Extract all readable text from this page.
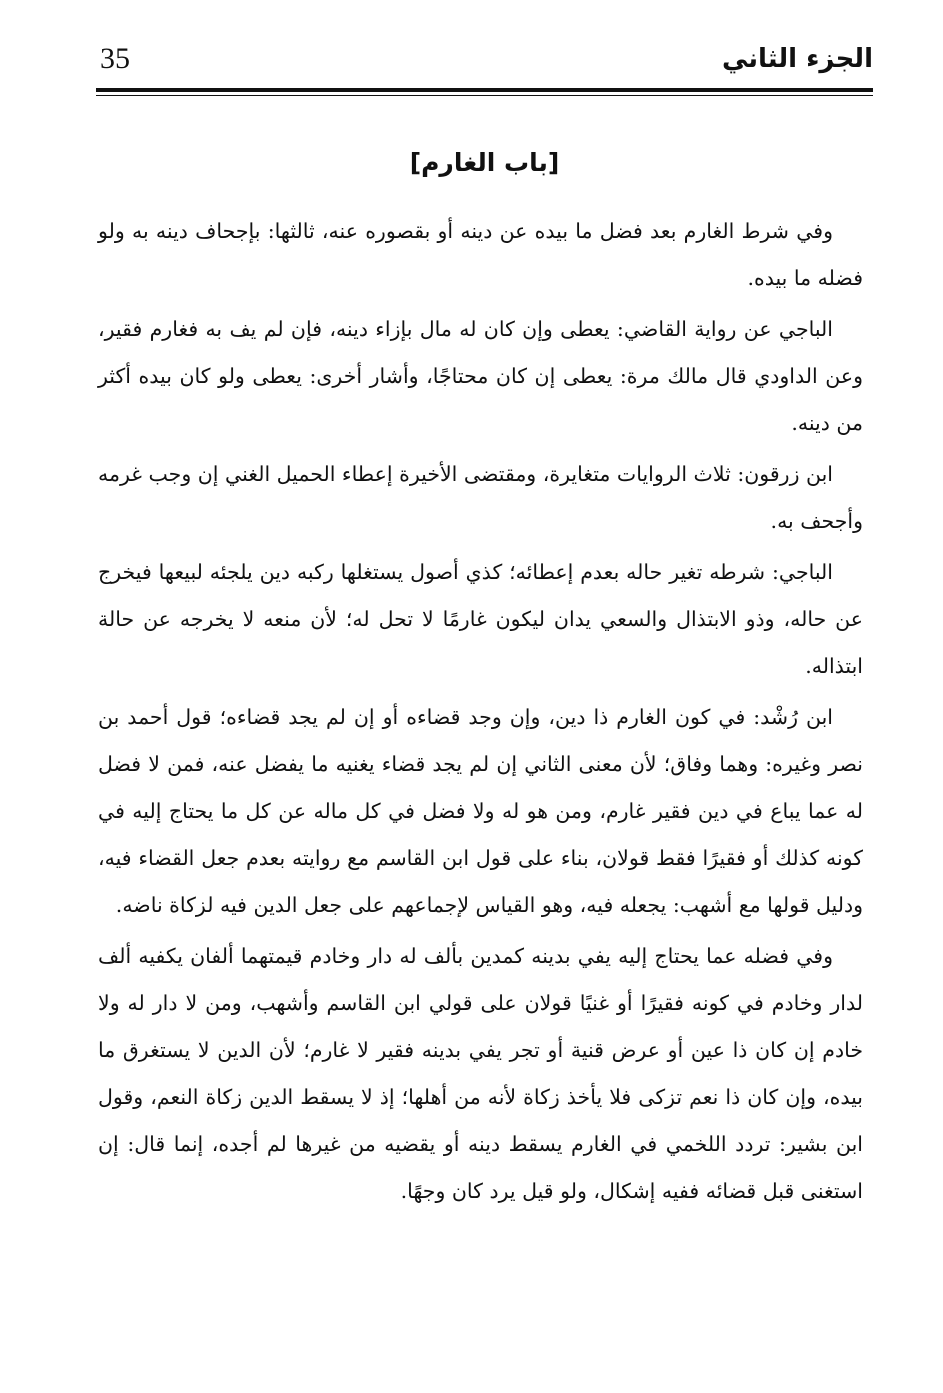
35	الجزء الثاني
[باب الغارم]

وفي شرط الغارم بعد فضل ما بيده عن دينه أو بقصوره عنه، ثالثها: بإجحاف دينه به ولو فضله ما بيده.

الباجي عن رواية القاضي: يعطى وإن كان له مال بإزاء دينه، فإن لم يف به فغارم فقير، وعن الداودي قال مالك مرة: يعطى إن كان محتاجًا، وأشار أخرى: يعطى ولو كان بيده أكثر من دينه.

ابن زرقون: ثلاث الروايات متغايرة، ومقتضى الأخيرة إعطاء الحميل الغني إن وجب غرمه وأجحف به.

الباجي: شرطه تغير حاله بعدم إعطائه؛ كذي أصول يستغلها ركبه دين يلجئه لبيعها فيخرج عن حاله، وذو الابتذال والسعي يدان ليكون غارمًا لا تحل له؛ لأن منعه لا يخرجه عن حالة ابتذاله.

ابن رُشْد: في كون الغارم ذا دين، وإن وجد قضاءه أو إن لم يجد قضاءه؛ قول أحمد بن نصر وغيره: وهما وفاق؛ لأن معنى الثاني إن لم يجد قضاء يغنيه ما يفضل عنه، فمن لا فضل له عما يباع في دين فقير غارم، ومن هو له ولا فضل في كل ماله عن كل ما يحتاج إليه في كونه كذلك أو فقيرًا فقط قولان، بناء على قول ابن القاسم مع روايته بعدم جعل القضاء فيه، ودليل قولها مع أشهب: يجعله فيه، وهو القياس لإجماعهم على جعل الدين فيه لزكاة ناضه.

وفي فضله عما يحتاج إليه يفي بدينه كمدين بألف له دار وخادم قيمتهما ألفان يكفيه ألف لدار وخادم في كونه فقيرًا أو غنيًا قولان على قولي ابن القاسم وأشهب، ومن لا دار له ولا خادم إن كان ذا عين أو عرض قنية أو تجر يفي بدينه فقير لا غارم؛ لأن الدين لا يستغرق ما بيده، وإن كان ذا نعم تزكى فلا يأخذ زكاة لأنه من أهلها؛ إذ لا يسقط الدين زكاة النعم، وقول ابن بشير: تردد اللخمي في الغارم يسقط دينه أو يقضيه من غيرها لم أجده، إنما قال: إن استغنى قبل قضائه ففيه إشكال، ولو قيل يرد كان وجهًا.
